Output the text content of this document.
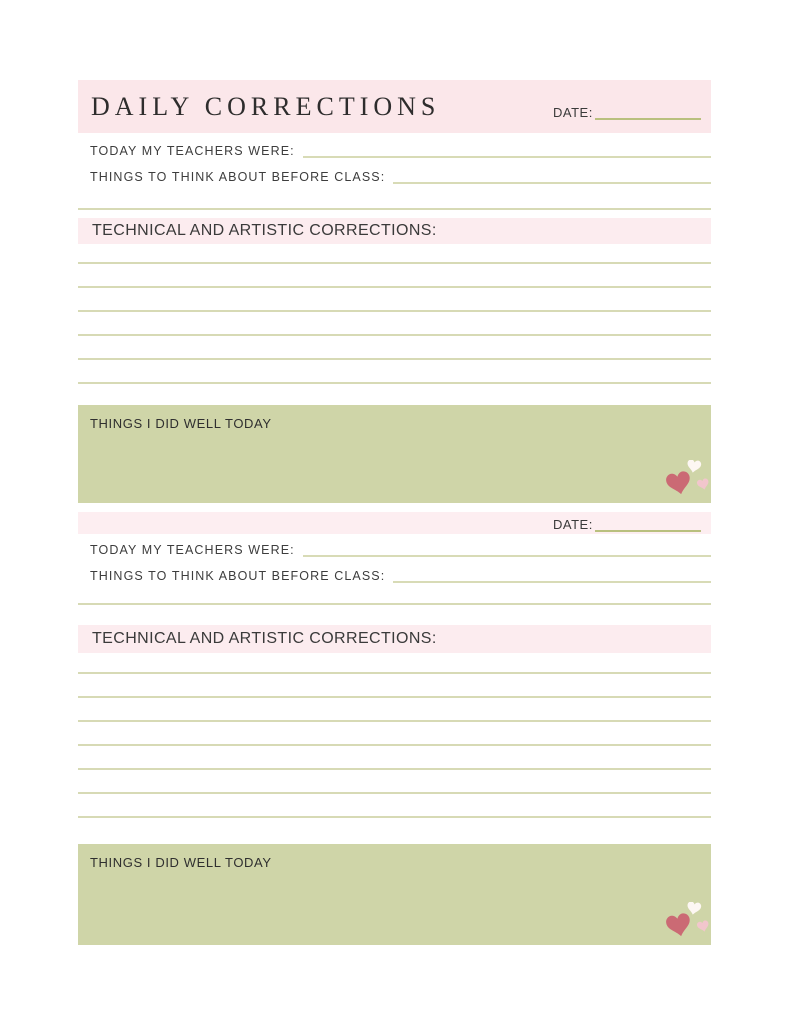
DAILY CORRECTIONS	DATE:
TODAY MY TEACHERS WERE:
THINGS TO THINK ABOUT BEFORE CLASS:
TECHNICAL AND ARTISTIC CORRECTIONS:
THINGS I DID WELL TODAY
DATE:
TODAY MY TEACHERS WERE:
THINGS TO THINK ABOUT BEFORE CLASS:
TECHNICAL AND ARTISTIC CORRECTIONS:
THINGS I DID WELL TODAY
